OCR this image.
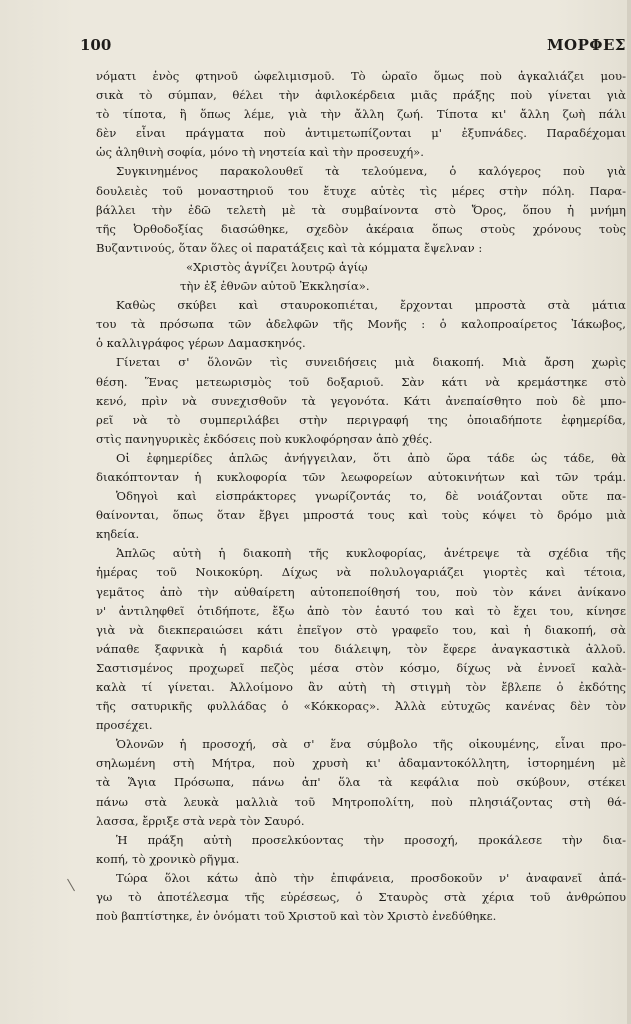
100	ΜΟΡΦΕΣ
νόματι ἑνὸς φτηνοῦ ὠφελιμισμοῦ. Τὸ ὡραῖο ὅμως ποὺ ἀγκαλιάζει μου-
σικὰ τὸ σύμπαν, θέλει τὴν ἀφιλοκέρδεια μιᾶς πράξης ποὺ γίνεται γιὰ
τὸ τίποτα, ἢ ὅπως λέμε, γιὰ τὴν ἄλλη ζωή. Τίποτα κι' ἄλλη ζωὴ πάλι
δὲν εἶναι πράγματα ποὺ ἀντιμετωπίζονται μ' ἐξυπνάδες. Παραδέχομαι
ὡς ἀληθινὴ σοφία, μόνο τὴ νηστεία καὶ τὴν προσευχή».
Συγκινημένος παρακολουθεῖ τὰ τελούμενα, ὁ καλόγερος ποὺ γιὰ
δουλειὲς τοῦ μοναστηριοῦ του ἔτυχε αὐτὲς τὶς μέρες στὴν πόλη. Παρα-
βάλλει τὴν ἐδῶ τελετὴ μὲ τὰ συμβαίνοντα στὸ Ὄρος, ὅπου ἡ μνήμη
τῆς Ὀρθοδοξίας διασώθηκε, σχεδὸν ἀκέραια ὅπως στοὺς χρόνους τοὺς
Βυζαντινούς, ὅταν ὅλες οἱ παρατάξεις καὶ τὰ κόμματα ἔψελναν :
«Χριστὸς ἁγνίζει λουτρῷ ἁγίῳ
τὴν ἐξ ἐθνῶν αὐτοῦ Ἐκκλησία».
Καθὼς σκύβει καὶ σταυροκοπιέται, ἔρχονται μπροστὰ στὰ μάτια
του τὰ πρόσωπα τῶν ἀδελφῶν τῆς Μονῆς : ὁ καλοπροαίρετος Ἰάκωβος,
ὁ καλλιγράφος γέρων Δαμασκηνός.
Γίνεται σ' ὅλονῶν τὶς συνειδήσεις μιὰ διακοπή. Μιὰ ἄρση χωρὶς
θέση. Ἕνας μετεωρισμὸς τοῦ δοξαριοῦ. Σὰν κάτι νὰ κρεμάστηκε στὸ
κενό, πρὶν νὰ συνεχισθοῦν τὰ γεγονότα. Κάτι ἀνεπαίσθητο ποὺ δὲ μπο-
ρεῖ νὰ τὸ συμπεριλάβει στὴν περιγραφή της ὁποιαδήποτε ἐφημερίδα,
στὶς πανηγυρικὲς ἐκδόσεις ποὺ κυκλοφόρησαν ἀπὸ χθές.
Οἱ ἐφημερίδες ἁπλῶς ἀνήγγειλαν, ὅτι ἀπὸ ὥρα τάδε ὡς τάδε, θὰ
διακόπτονταν ἡ κυκλοφορία τῶν λεωφορείων αὐτοκινήτων καὶ τῶν τράμ.
Ὁδηγοὶ καὶ εἰσπράκτορες γνωρίζοντάς το, δὲ νοιάζονται οὔτε πα-
θαίνονται, ὅπως ὅταν ἔβγει μπροστά τους καὶ τοὺς κόψει τὸ δρόμο μιὰ
κηδεία.
Ἁπλῶς αὐτὴ ἡ διακοπὴ τῆς κυκλοφορίας, ἀνέτρεψε τὰ σχέδια τῆς
ἡμέρας τοῦ Νοικοκύρη. Δίχως νὰ πολυλογαριάζει γιορτὲς καὶ τέτοια,
γεμᾶτος ἀπὸ τὴν αὐθαίρετη αὐτοπεποίθησή του, ποὺ τὸν κάνει ἀνίκανο
ν' ἀντιληφθεῖ ὁτιδήποτε, ἔξω ἀπὸ τὸν ἑαυτό του καὶ τὸ ἔχει του, κίνησε
γιὰ νὰ διεκπεραιώσει κάτι ἐπεῖγον στὸ γραφεῖο του, καὶ ἡ διακοπή, σὰ
νάπαθε ξαφνικὰ ἡ καρδιά του διάλειψη, τὸν ἔφερε ἀναγκαστικὰ ἀλλοῦ.
Σαστισμένος προχωρεῖ πεζὸς μέσα στὸν κόσμο, δίχως νὰ ἐννοεῖ καλὰ-
καλὰ τί γίνεται. Ἀλλοίμονο ἂν αὐτὴ τὴ στιγμὴ τὸν ἔβλεπε ὁ ἐκδότης
τῆς σατυρικῆς φυλλάδας ὁ «Κόκκορας». Ἀλλὰ εὐτυχῶς κανένας δὲν τὸν
προσέχει.
Ὁλονῶν ἡ προσοχή, σὰ σ' ἕνα σύμβολο τῆς οἰκουμένης, εἶναι προ-
σηλωμένη στὴ Μήτρα, ποὺ χρυσὴ κι' ἀδαμαντοκόλλητη, ἱστορημένη μὲ
τὰ Ἅγια Πρόσωπα, πάνω ἀπ' ὅλα τὰ κεφάλια ποὺ σκύβουν, στέκει
πάνω στὰ λευκὰ μαλλιὰ τοῦ Μητροπολίτη, ποὺ πλησιάζοντας στὴ θά-
λασσα, ἔρριξε στὰ νερὰ τὸν Σαυρό.
Ἡ πράξη αὐτὴ προσελκύοντας τὴν προσοχή, προκάλεσε τὴν δια-
κοπή, τὸ χρονικὸ ρῆγμα.
Τώρα ὅλοι κάτω ἀπὸ τὴν ἐπιφάνεια, προσδοκοῦν ν' ἀναφανεῖ ἀπά-
γω τὸ ἀποτέλεσμα τῆς εὑρέσεως, ὁ Σταυρὸς στὰ χέρια τοῦ ἀνθρώπου
ποὺ βαπτίστηκε, ἐν ὀνόματι τοῦ Χριστοῦ καὶ τὸν Χριστὸ ἐνεδύθηκε.
